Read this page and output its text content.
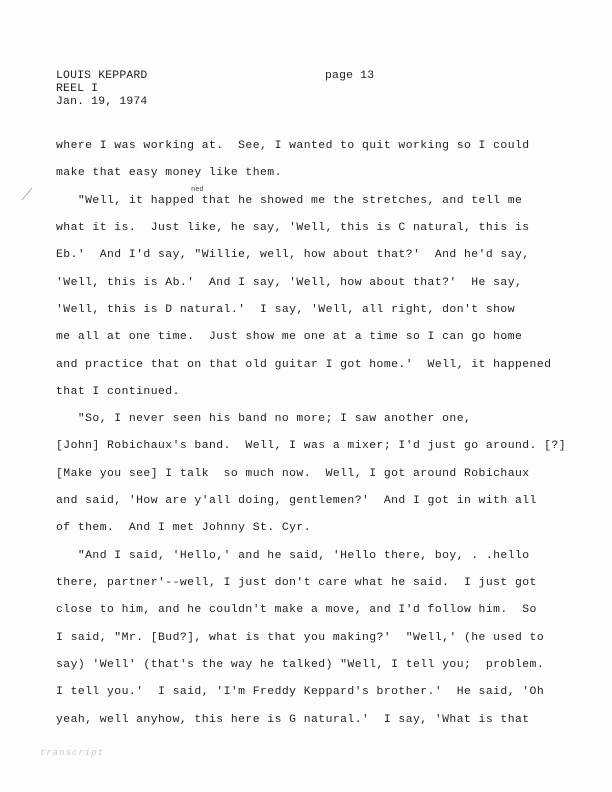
LOUIS KEPPARD
REEL I
Jan. 19, 1974
page 13
ned
where I was working at.  See, I wanted to quit working so I could
make that easy money like them.
"Well, it happed that he showed me the stretches, and tell me
what it is.  Just like, he say, 'Well, this is C natural, this is
Eb.'  And I'd say, "Willie, well, how about that?'  And he'd say,
'Well, this is Ab.'  And I say, 'Well, how about that?'  He say,
'Well, this is D natural.'  I say, 'Well, all right, don't show
me all at one time.  Just show me one at a time so I can go home
and practice that on that old guitar I got home.'  Well, it happened
that I continued.
"So, I never seen his band no more; I saw another one,
[John] Robichaux's band.  Well, I was a mixer; I'd just go around. [?]
[Make you see] I talk  so much now.  Well, I got around Robichaux
and said, 'How are y'all doing, gentlemen?'  And I got in with all
of them.  And I met Johnny St. Cyr.
"And I said, 'Hello,' and he said, 'Hello there, boy, . .hello
there, partner'--well, I just don't care what he said.  I just got
close to him, and he couldn't make a move, and I'd follow him.  So
I said, "Mr. [Bud?], what is that you making?'  "Well,' (he used to
say) 'Well' (that's the way he talked) "Well, I tell you;  problem.
I tell you.'  I said, 'I'm Freddy Keppard's brother.'  He said, 'Oh
yeah, well anyhow, this here is G natural.'  I say, 'What is that
transcript
